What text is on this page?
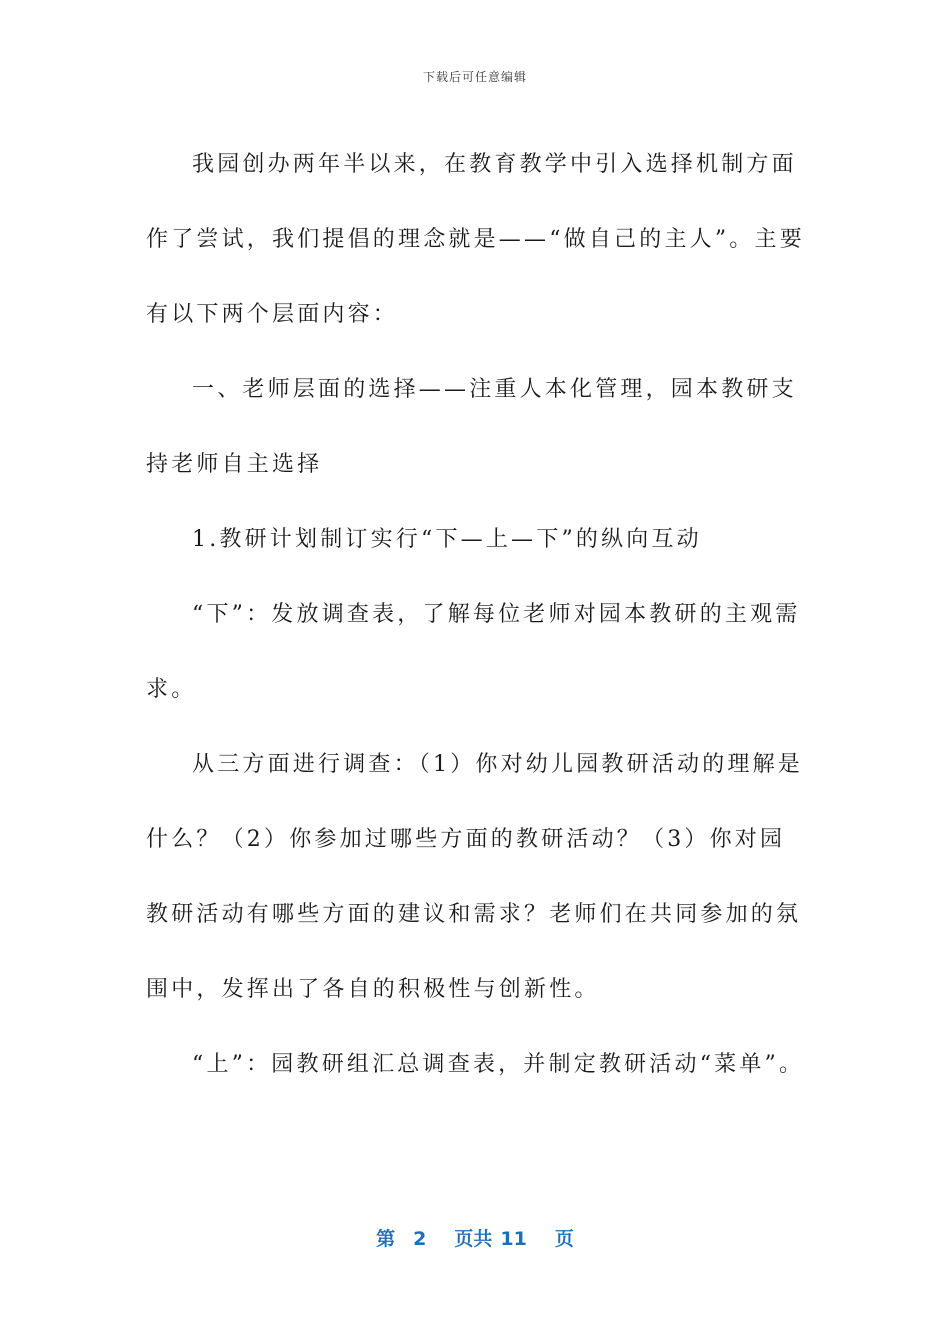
下载后可任意编辑

我园创办两年半以来，在教育教学中引入选择机制方面作了尝试，我们提倡的理念就是——“做自己的主人”。主要有以下两个层面内容：

一、老师层面的选择——注重人本化管理，园本教研支持老师自主选择

1.教研计划制订实行“下—上—下”的纵向互动

“下”：发放调查表，了解每位老师对园本教研的主观需求。

从三方面进行调查：（1）你对幼儿园教研活动的理解是什么？（2）你参加过哪些方面的教研活动？（3）你对园教研活动有哪些方面的建议和需求？老师们在共同参加的氛围中，发挥出了各自的积极性与创新性。

“上”：园教研组汇总调查表，并制定教研活动“菜单”。

第 2 页共 11 页
